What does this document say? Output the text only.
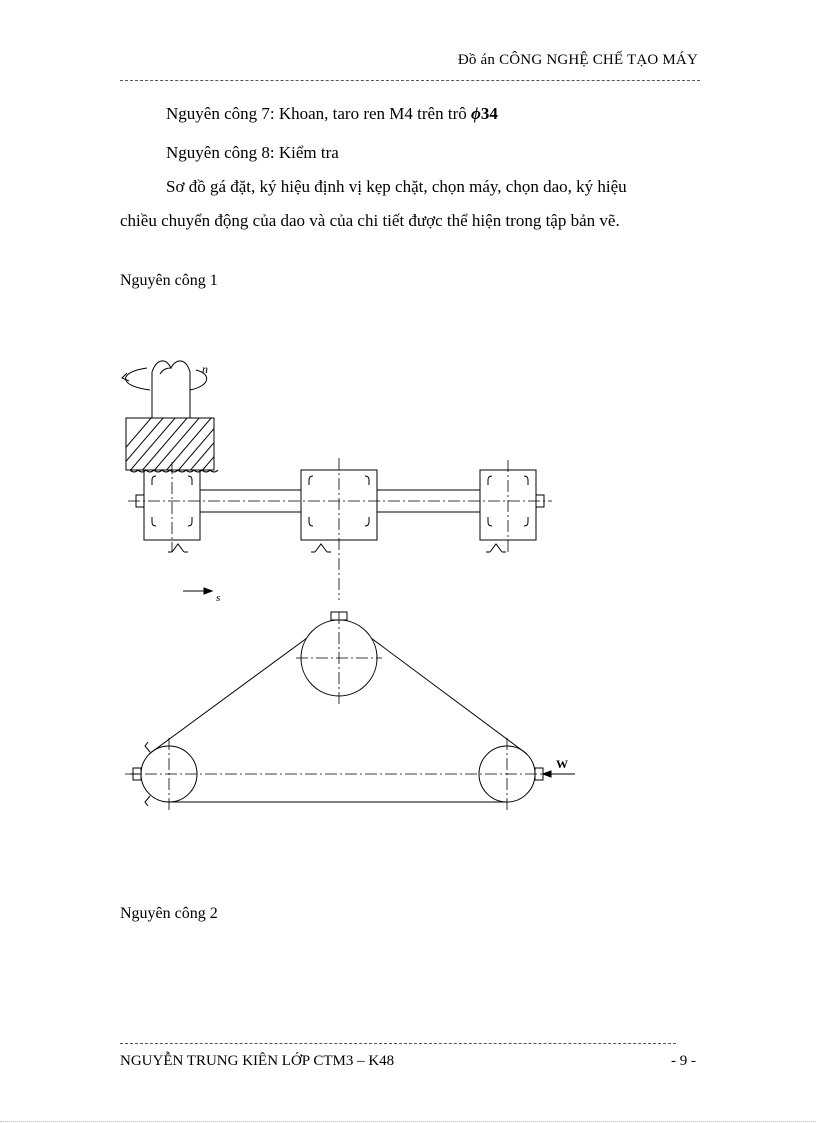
Đồ án CÔNG NGHỆ CHẾ TẠO MÁY
Nguyên công 7: Khoan, taro ren M4 trên trô ϕ34
Nguyên công 8: Kiểm tra
Sơ đồ gá đặt, ký hiệu định vị kẹp chặt, chọn máy, chọn dao, ký hiệu
chiều chuyển động của dao và của chi tiết được thể hiện trong tập bản vẽ.
Nguyên công 1
n
s
W
Nguyên công 2
NGUYỄN TRUNG KIÊN LỚP CTM3 – K48	- 9 -
